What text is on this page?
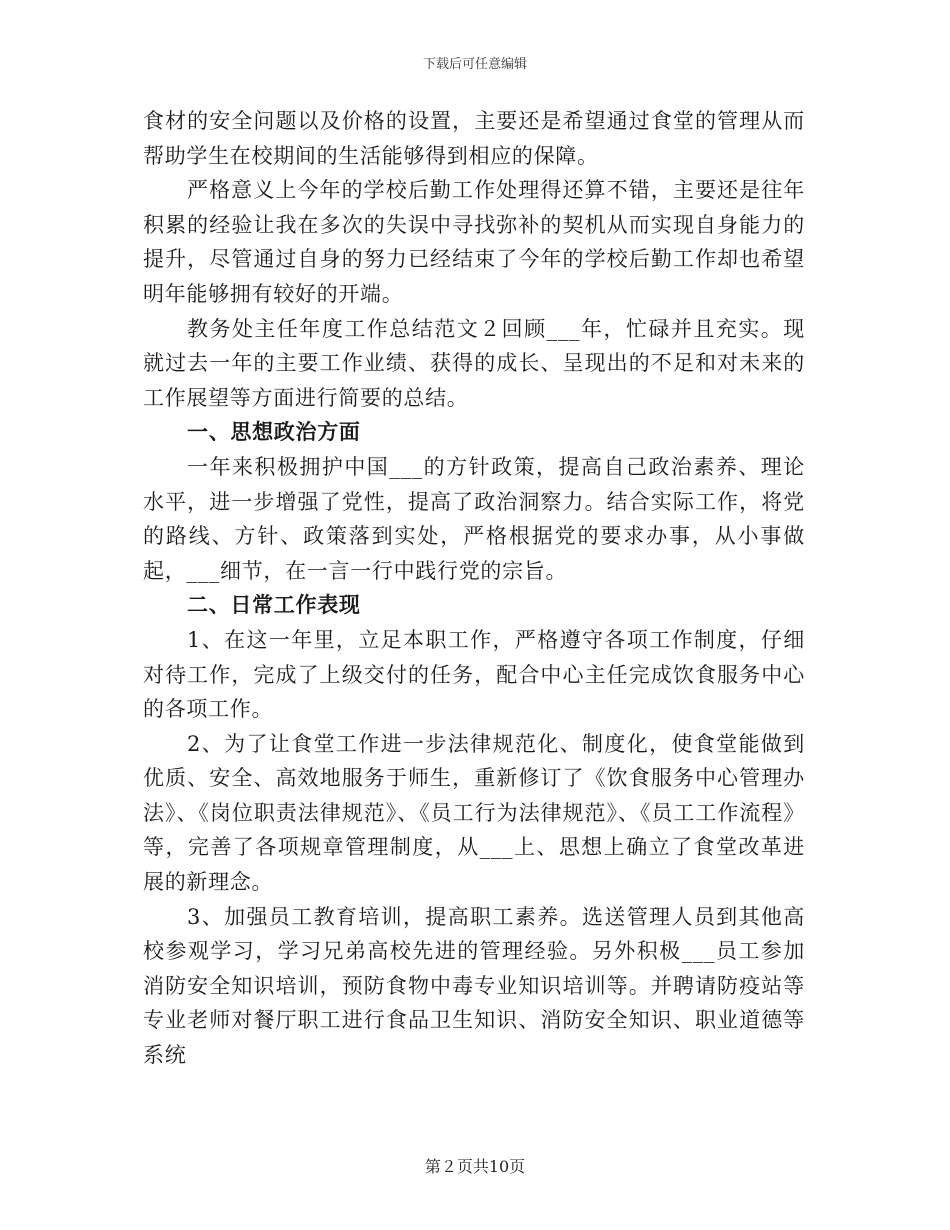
下载后可任意编辑

食材的安全问题以及价格的设置，主要还是希望通过食堂的管理从而帮助学生在校期间的生活能够得到相应的保障。

严格意义上今年的学校后勤工作处理得还算不错，主要还是往年积累的经验让我在多次的失误中寻找弥补的契机从而实现自身能力的提升，尽管通过自身的努力已经结束了今年的学校后勤工作却也希望明年能够拥有较好的开端。

教务处主任年度工作总结范文２回顾___年，忙碌并且充实。现就过去一年的主要工作业绩、获得的成长、呈现出的不足和对未来的工作展望等方面进行简要的总结。

一、思想政治方面

一年来积极拥护中国___的方针政策，提高自己政治素养、理论水平，进一步增强了党性，提高了政治洞察力。结合实际工作，将党的路线、方针、政策落到实处，严格根据党的要求办事，从小事做起，___细节，在一言一行中践行党的宗旨。

二、日常工作表现

1、在这一年里，立足本职工作，严格遵守各项工作制度，仔细对待工作，完成了上级交付的任务，配合中心主任完成饮食服务中心的各项工作。

2、为了让食堂工作进一步法律规范化、制度化，使食堂能做到优质、安全、高效地服务于师生，重新修订了《饮食服务中心管理办法》、《岗位职责法律规范》、《员工行为法律规范》、《员工工作流程》等，完善了各项规章管理制度，从___上、思想上确立了食堂改革进展的新理念。

3、加强员工教育培训，提高职工素养。选送管理人员到其他高校参观学习，学习兄弟高校先进的管理经验。另外积极___员工参加消防安全知识培训，预防食物中毒专业知识培训等。并聘请防疫站等专业老师对餐厅职工进行食品卫生知识、消防安全知识、职业道德等系统

第２页共10页
